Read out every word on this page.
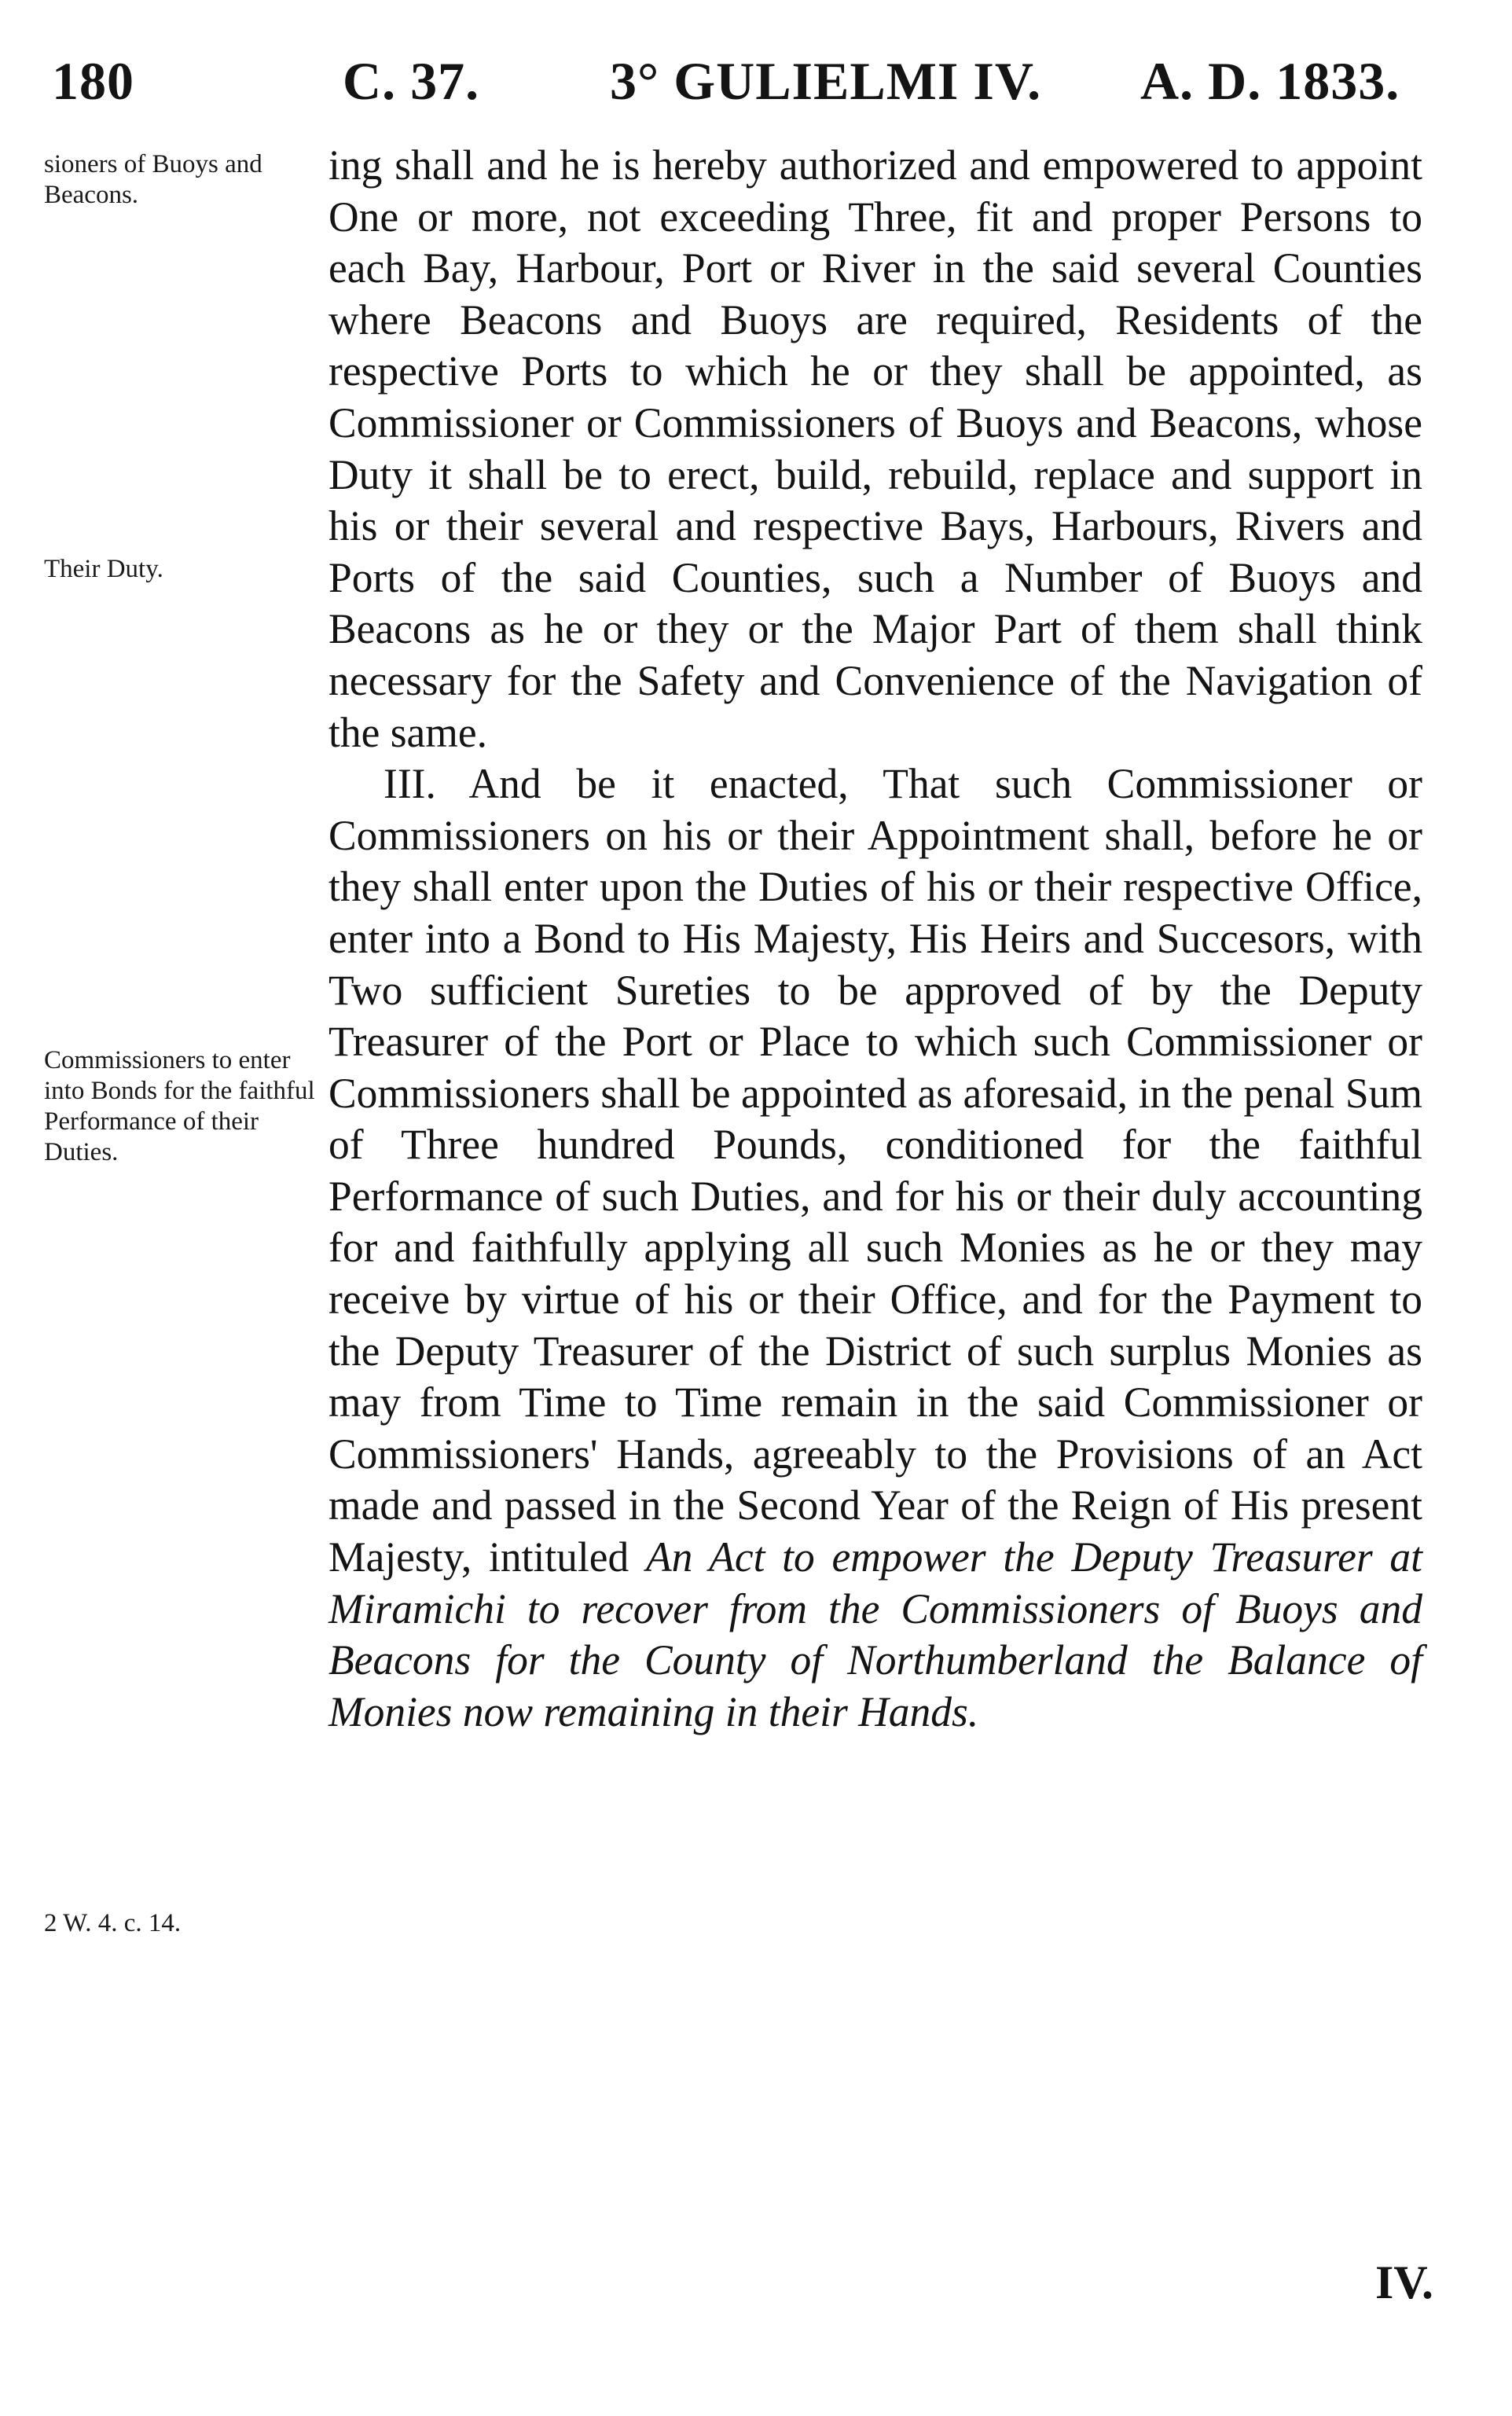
180	C. 37. 3° GULIELMI IV. A. D. 1833.
sioners of Buoys and Beacons.
Their Duty.
Commissioners to enter into Bonds for the faithful Performance of their Duties.
2 W. 4. c. 14.

ing shall and he is hereby authorized and empowered to appoint One or more, not exceeding Three, fit and proper Persons to each Bay, Harbour, Port or River in the said several Counties where Beacons and Buoys are required, Residents of the respective Ports to which he or they shall be appointed, as Commissioner or Commissioners of Buoys and Beacons, whose Duty it shall be to erect, build, rebuild, replace and support in his or their several and respective Bays, Harbours, Rivers and Ports of the said Counties, such a Number of Buoys and Beacons as he or they or the Major Part of them shall think necessary for the Safety and Convenience of the Navigation of the same.

III. And be it enacted, That such Commissioner or Commissioners on his or their Appointment shall, before he or they shall enter upon the Duties of his or their respective Office, enter into a Bond to His Majesty, His Heirs and Succesors, with Two sufficient Sureties to be approved of by the Deputy Treasurer of the Port or Place to which such Commissioner or Commissioners shall be appointed as aforesaid, in the penal Sum of Three hundred Pounds, conditioned for the faithful Performance of such Duties, and for his or their duly accounting for and faithfully applying all such Monies as he or they may receive by virtue of his or their Office, and for the Payment to the Deputy Treasurer of the District of such surplus Monies as may from Time to Time remain in the said Commissioner or Commissioners' Hands, agreeably to the Provisions of an Act made and passed in the Second Year of the Reign of His present Majesty, intituled An Act to empower the Deputy Treasurer at Miramichi to recover from the Commissioners of Buoys and Beacons for the County of Northumberland the Balance of Monies now remaining in their Hands.

IV.
